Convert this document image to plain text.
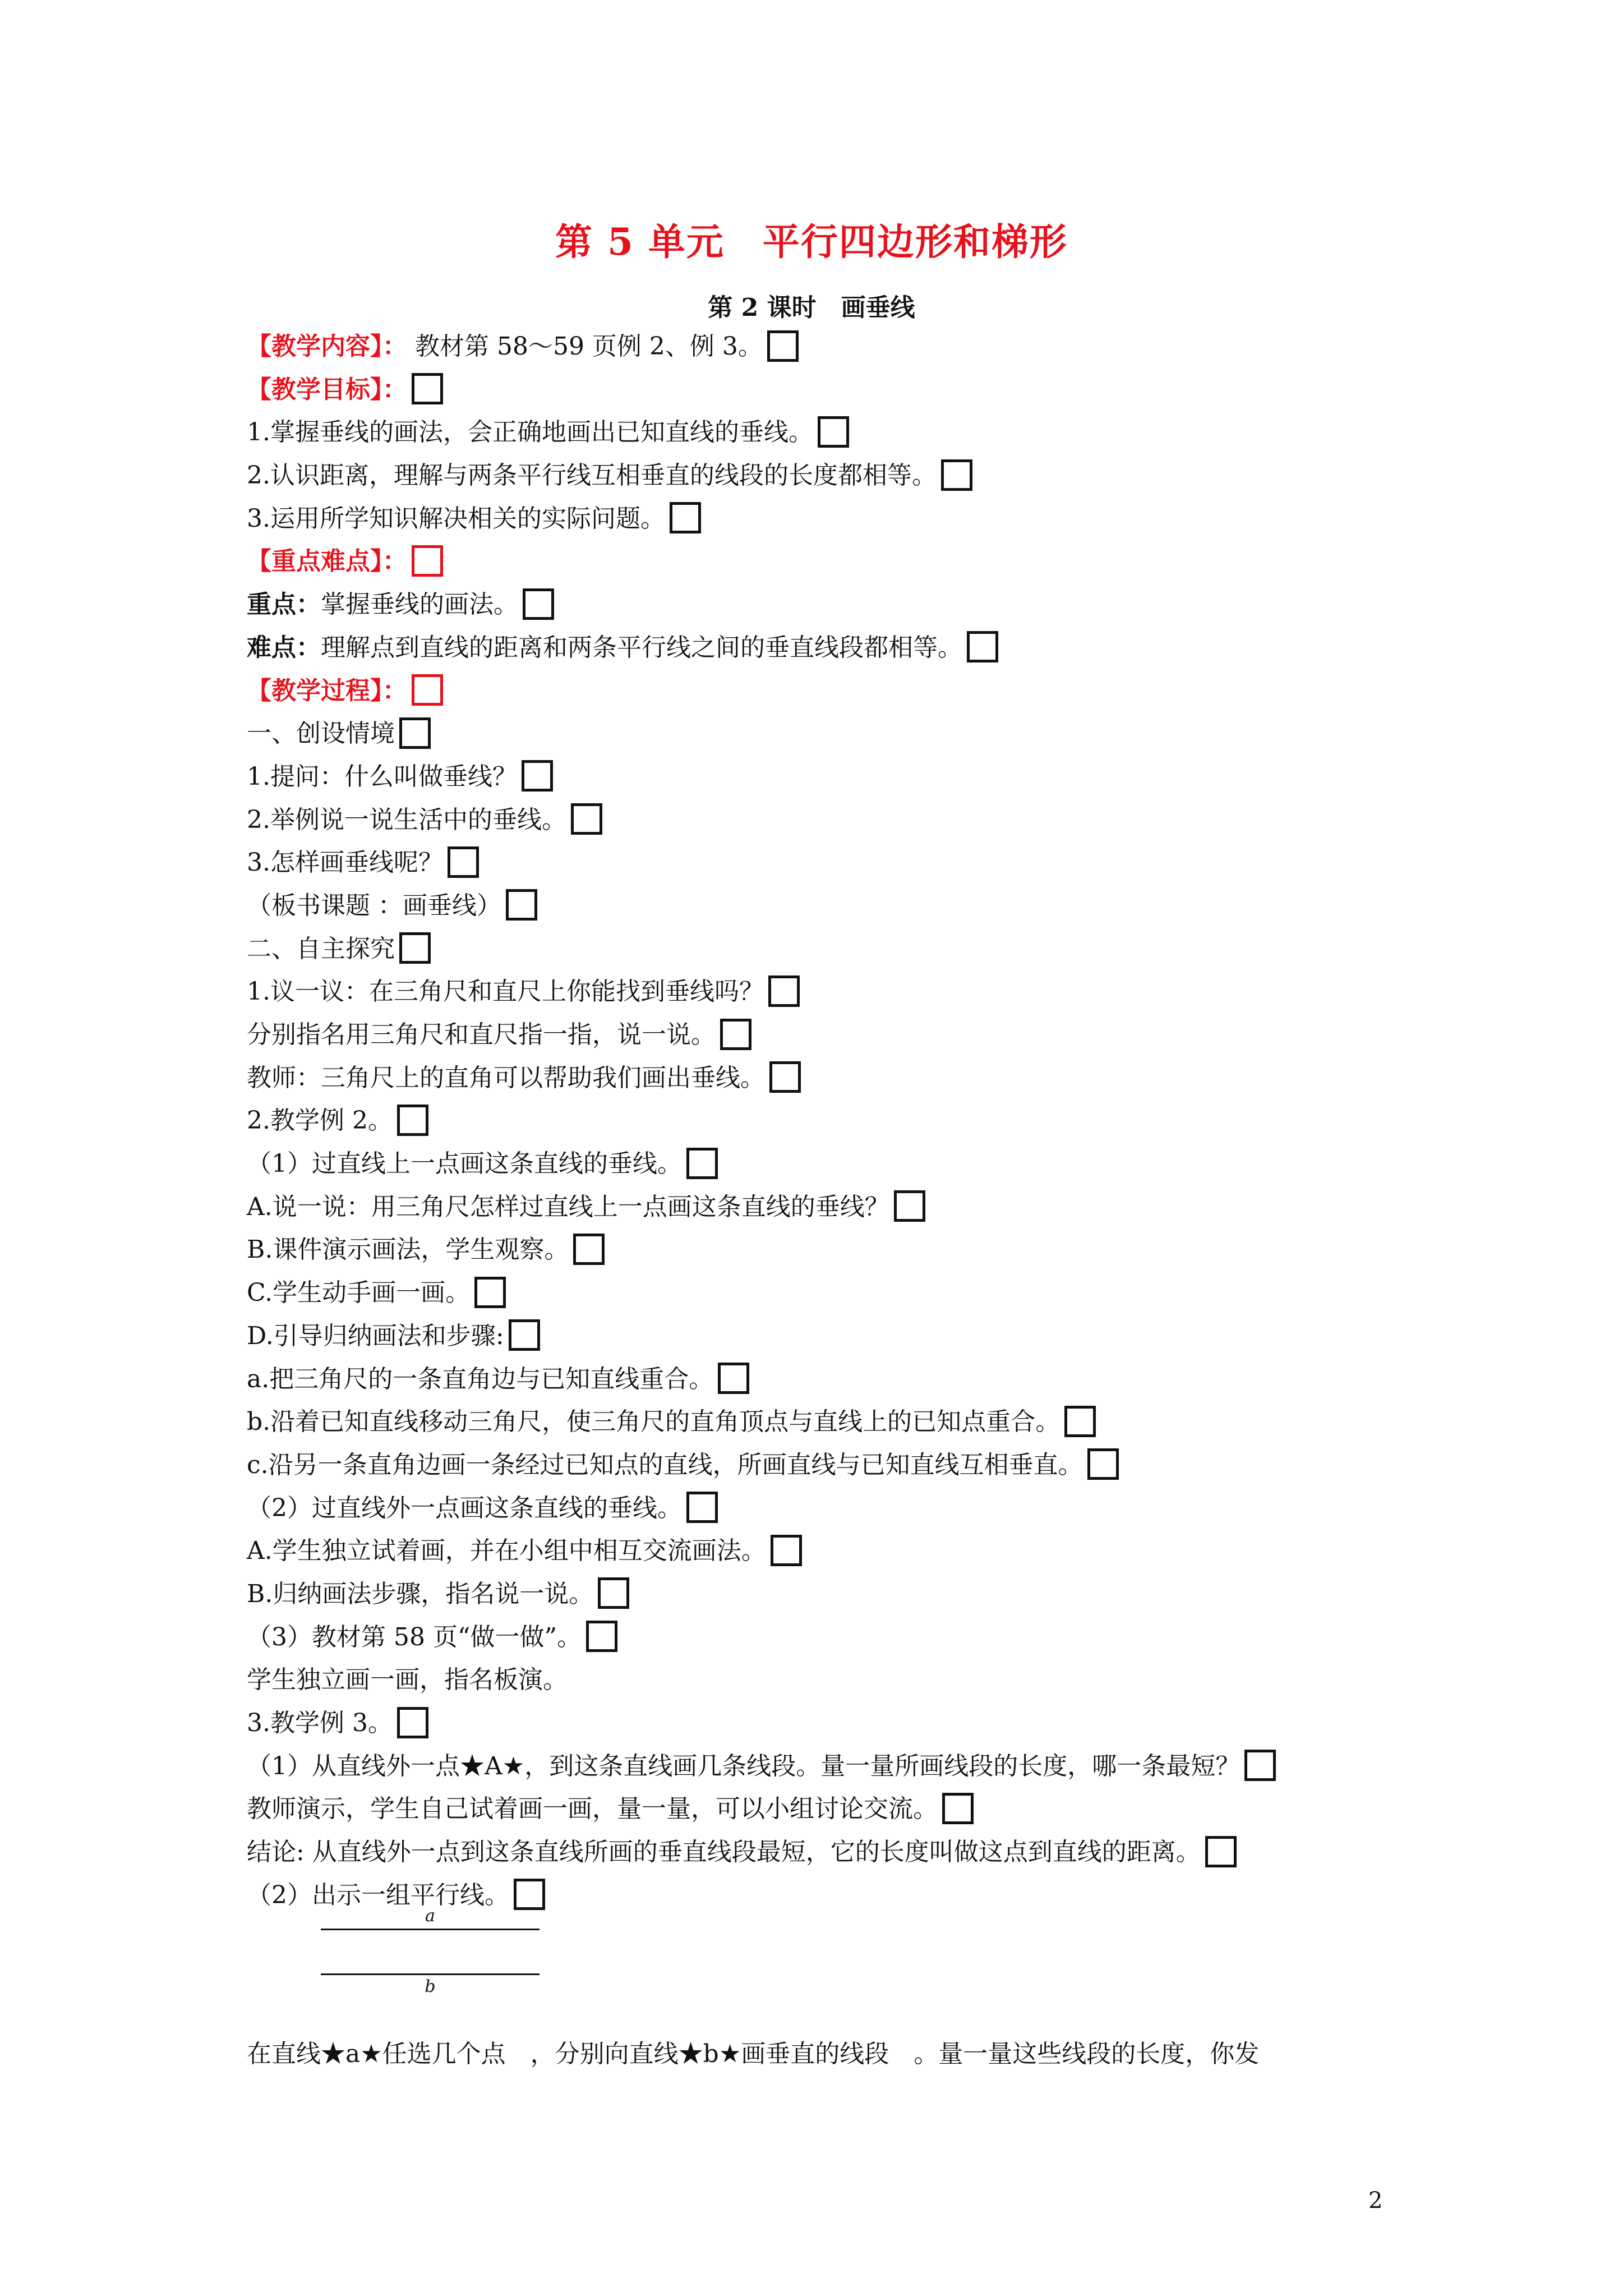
第 5 单元　平行四边形和梯形
第 2 课时　画垂线
【教学内容】： 教材第 58～59 页例 2、例 3。
【教学目标】：
1.掌握垂线的画法，会正确地画出已知直线的垂线。
2.认识距离，理解与两条平行线互相垂直的线段的长度都相等。
3.运用所学知识解决相关的实际问题。
【重点难点】：
重点：掌握垂线的画法。
难点：理解点到直线的距离和两条平行线之间的垂直线段都相等。
【教学过程】：
一、创设情境
1.提问：什么叫做垂线？
2.举例说一说生活中的垂线。
3.怎样画垂线呢？
（板书课题 ：画垂线）
二、自主探究
1.议一议：在三角尺和直尺上你能找到垂线吗？
分别指名用三角尺和直尺指一指，说一说。
教师：三角尺上的直角可以帮助我们画出垂线。
2.教学例 2。
（1）过直线上一点画这条直线的垂线。
A.说一说：用三角尺怎样过直线上一点画这条直线的垂线？
B.课件演示画法，学生观察。
C.学生动手画一画。
D.引导归纳画法和步骤:
a.把三角尺的一条直角边与已知直线重合。
b.沿着已知直线移动三角尺，使三角尺的直角顶点与直线上的已知点重合。
c.沿另一条直角边画一条经过已知点的直线，所画直线与已知直线互相垂直。
（2）过直线外一点画这条直线的垂线。
A.学生独立试着画，并在小组中相互交流画法。
B.归纳画法步骤，指名说一说。
（3）教材第 58 页“做一做”。
学生独立画一画，指名板演。
3.教学例 3。
（1）从直线外一点★A★，到这条直线画几条线段。量一量所画线段的长度，哪一条最短？
教师演示，学生自己试着画一画，量一量，可以小组讨论交流。
结论: 从直线外一点到这条直线所画的垂直线段最短，它的长度叫做这点到直线的距离。
（2）出示一组平行线。
a
b
在直线★a★任选几个点　，分别向直线★b★画垂直的线段　。量一量这些线段的长度，你发
2
